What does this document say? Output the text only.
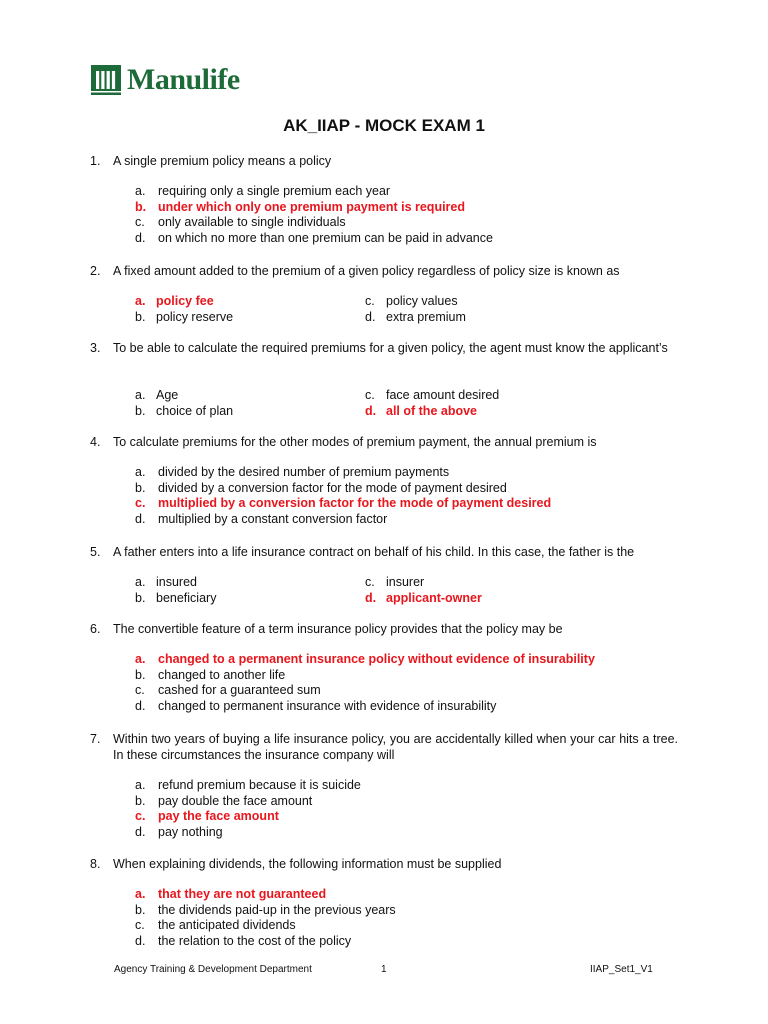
Manulife
AK_IIAP - MOCK EXAM 1
1. A single premium policy means a policy
a. requiring only a single premium each year
b. under which only one premium payment is required
c. only available to single individuals
d. on which no more than one premium can be paid in advance
2. A fixed amount added to the premium of a given policy regardless of policy size is known as
a. policy fee	c. policy values
b. policy reserve	d. extra premium
3. To be able to calculate the required premiums for a given policy, the agent must know the applicant’s
a. Age	c. face amount desired
b. choice of plan	d. all of the above
4. To calculate premiums for the other modes of premium payment, the annual premium is
a. divided by the desired number of premium payments
b. divided by a conversion factor for the mode of payment desired
c. multiplied by a conversion factor for the mode of payment desired
d. multiplied by a constant conversion factor
5. A father enters into a life insurance contract on behalf of his child. In this case, the father is the
a. insured	c. insurer
b. beneficiary	d. applicant-owner
6. The convertible feature of a term insurance policy provides that the policy may be
a. changed to a permanent insurance policy without evidence of insurability
b. changed to another life
c. cashed for a guaranteed sum
d. changed to permanent insurance with evidence of insurability
7. Within two years of buying a life insurance policy, you are accidentally killed when your car hits a tree. In these circumstances the insurance company will
a. refund premium because it is suicide
b. pay double the face amount
c. pay the face amount
d. pay nothing
8. When explaining dividends, the following information must be supplied
a. that they are not guaranteed
b. the dividends paid-up in the previous years
c. the anticipated dividends
d. the relation to the cost of the policy
Agency Training & Development Department	1	IIAP_Set1_V1
